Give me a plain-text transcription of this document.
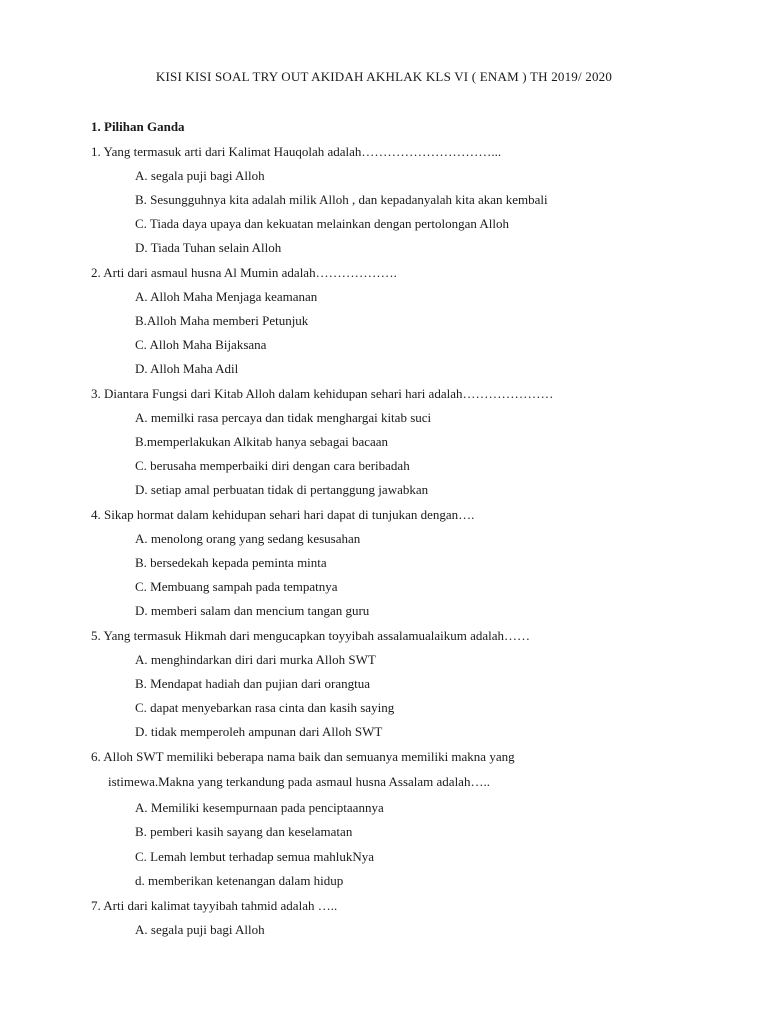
KISI KISI SOAL TRY OUT AKIDAH AKHLAK KLS VI ( ENAM ) TH 2019/ 2020
1. Pilihan Ganda
1. Yang termasuk arti dari Kalimat Hauqolah adalah…………………………...
A. segala puji bagi Alloh
B. Sesungguhnya kita adalah milik Alloh , dan kepadanyalah kita akan kembali
C. Tiada daya upaya dan kekuatan melainkan dengan pertolongan Alloh
D. Tiada Tuhan selain Alloh
2. Arti dari asmaul husna Al Mumin adalah……………….
A. Alloh Maha Menjaga keamanan
B.Alloh Maha memberi Petunjuk
C. Alloh Maha Bijaksana
D. Alloh Maha Adil
3. Diantara Fungsi dari Kitab Alloh dalam kehidupan sehari hari adalah…………………
A. memilki rasa percaya dan tidak menghargai kitab suci
B.memperlakukan Alkitab hanya sebagai bacaan
C. berusaha memperbaiki diri dengan cara beribadah
D. setiap amal perbuatan tidak di pertanggung jawabkan
4. Sikap hormat dalam kehidupan sehari hari dapat di tunjukan dengan….
A. menolong orang yang sedang kesusahan
B. bersedekah kepada peminta minta
C. Membuang sampah pada tempatnya
D. memberi salam dan mencium tangan guru
5. Yang termasuk Hikmah dari mengucapkan toyyibah assalamualaikum adalah……
A. menghindarkan diri dari murka Alloh SWT
B. Mendapat hadiah dan pujian dari orangtua
C. dapat menyebarkan rasa cinta dan kasih saying
D. tidak memperoleh ampunan dari Alloh SWT
6. Alloh SWT memiliki beberapa nama baik dan semuanya memiliki makna yang
istimewa.Makna yang terkandung pada asmaul husna Assalam adalah…..
A. Memiliki kesempurnaan pada penciptaannya
B. pemberi kasih sayang dan keselamatan
C. Lemah lembut terhadap semua mahlukNya
d. memberikan ketenangan dalam hidup
7. Arti dari kalimat tayyibah tahmid adalah …..
A. segala puji bagi Alloh
